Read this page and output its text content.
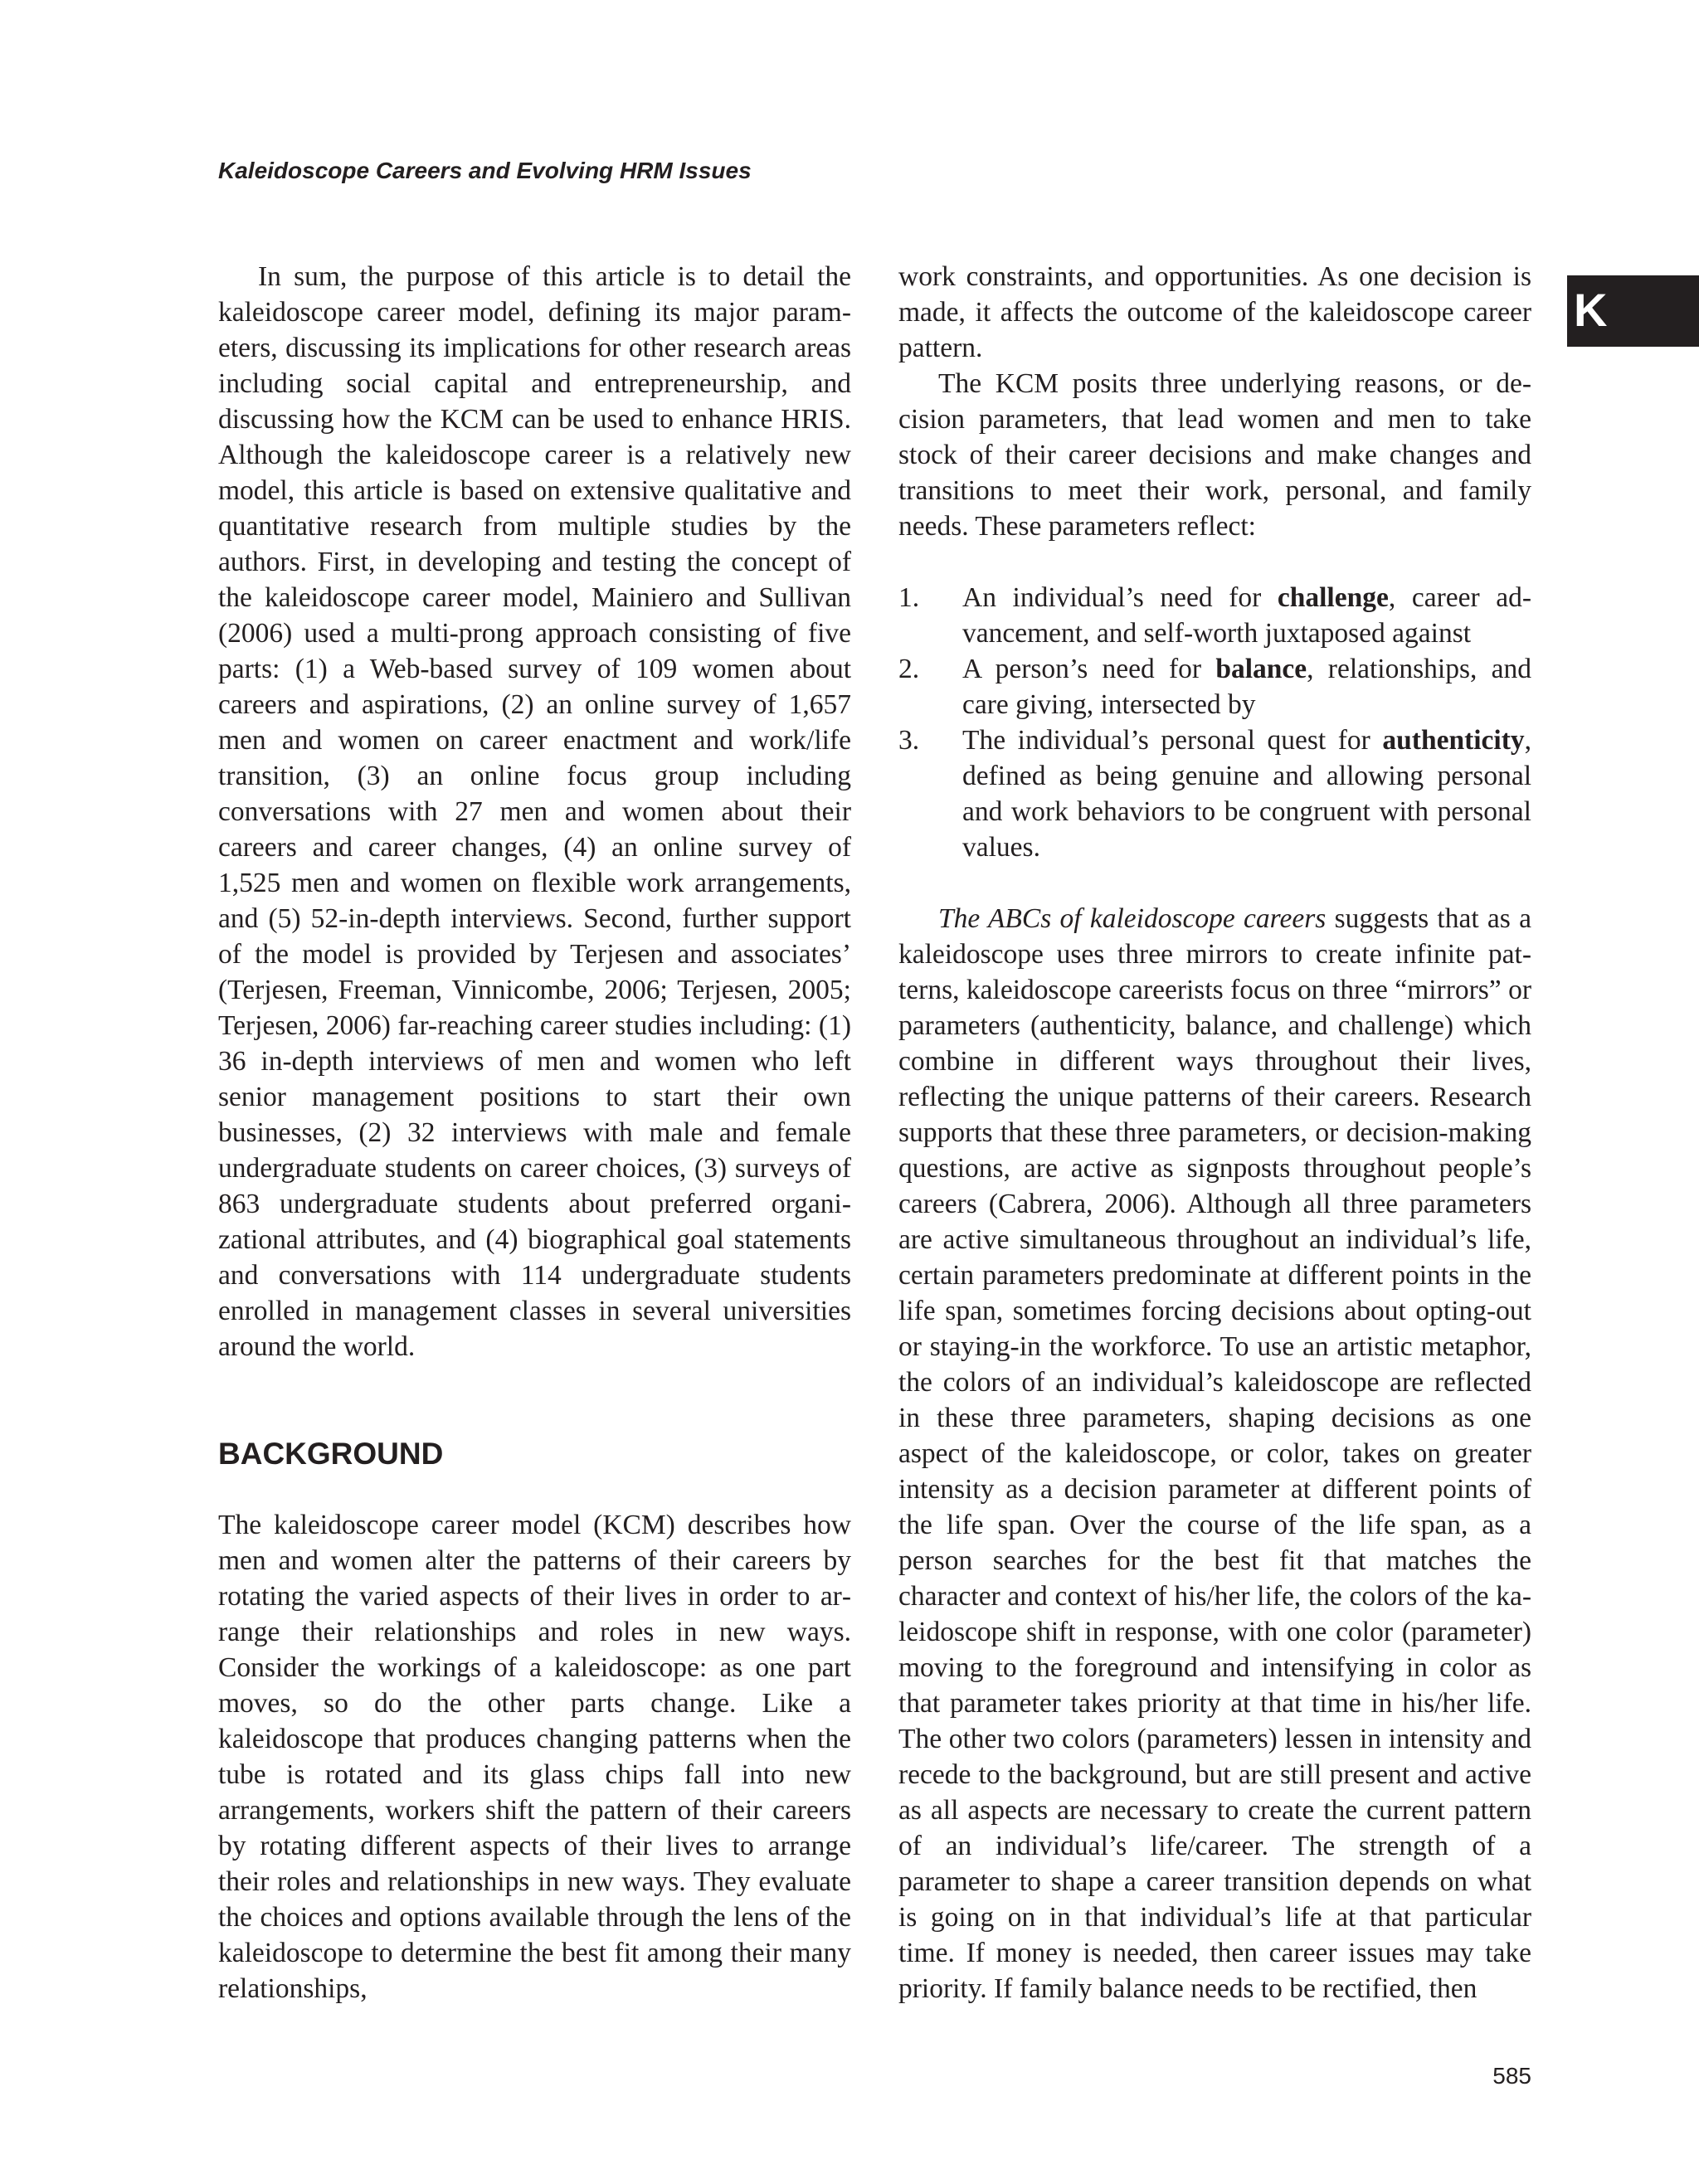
Kaleidoscope Careers and Evolving HRM Issues
K

In sum, the purpose of this article is to detail the kaleidoscope career model, defining its major parameters, discussing its implications for other research areas including social capital and entrepreneurship, and discussing how the KCM can be used to enhance HRIS. Although the kaleidoscope career is a relatively new model, this article is based on extensive qualitative and quantitative research from multiple studies by the authors. First, in developing and testing the concept of the kaleidoscope career model, Mainiero and Sullivan (2006) used a multi-prong approach consisting of five parts: (1) a Web-based survey of 109 women about careers and aspirations, (2) an online survey of 1,657 men and women on career enactment and work/life transition, (3) an online focus group including conversations with 27 men and women about their careers and career changes, (4) an online survey of 1,525 men and women on flexible work arrangements, and (5) 52-in-depth interviews. Second, further support of the model is provided by Terjesen and associates’ (Terjesen, Freeman, Vinnicombe, 2006; Terjesen, 2005; Terjesen, 2006) far-reaching career studies including: (1) 36 in-depth interviews of men and women who left senior management positions to start their own businesses, (2) 32 interviews with male and female undergraduate students on career choices, (3) surveys of 863 undergraduate students about preferred organizational attributes, and (4) biographical goal statements and conversations with 114 undergraduate students enrolled in management classes in several universities around the world.

BACKGROUND

The kaleidoscope career model (KCM) describes how men and women alter the patterns of their careers by rotating the varied aspects of their lives in order to arrange their relationships and roles in new ways. Consider the workings of a kaleidoscope: as one part moves, so do the other parts change. Like a kaleidoscope that produces changing patterns when the tube is rotated and its glass chips fall into new arrangements, workers shift the pattern of their careers by rotating different aspects of their lives to arrange their roles and relationships in new ways. They evaluate the choices and options available through the lens of the kaleidoscope to determine the best fit among their many relationships,

work constraints, and opportunities. As one decision is made, it affects the outcome of the kaleidoscope career pattern.

The KCM posits three underlying reasons, or decision parameters, that lead women and men to take stock of their career decisions and make changes and transitions to meet their work, personal, and family needs. These parameters reflect:

1. An individual’s need for challenge, career advancement, and self-worth juxtaposed against
2. A person’s need for balance, relationships, and care giving, intersected by
3. The individual’s personal quest for authenticity, defined as being genuine and allowing personal and work behaviors to be congruent with personal values.

The ABCs of kaleidoscope careers suggests that as a kaleidoscope uses three mirrors to create infinite patterns, kaleidoscope careerists focus on three “mirrors” or parameters (authenticity, balance, and challenge) which combine in different ways throughout their lives, reflecting the unique patterns of their careers. Research supports that these three parameters, or decision-making questions, are active as signposts throughout people’s careers (Cabrera, 2006). Although all three parameters are active simultaneous throughout an individual’s life, certain parameters predominate at different points in the life span, sometimes forcing decisions about opting-out or staying-in the workforce. To use an artistic metaphor, the colors of an individual’s kaleidoscope are reflected in these three parameters, shaping decisions as one aspect of the kaleidoscope, or color, takes on greater intensity as a decision parameter at different points of the life span. Over the course of the life span, as a person searches for the best fit that matches the character and context of his/her life, the colors of the kaleidoscope shift in response, with one color (parameter) moving to the foreground and intensifying in color as that parameter takes priority at that time in his/her life. The other two colors (parameters) lessen in intensity and recede to the background, but are still present and active as all aspects are necessary to create the current pattern of an individual’s life/career. The strength of a parameter to shape a career transition depends on what is going on in that individual’s life at that particular time. If money is needed, then career issues may take priority. If family balance needs to be rectified, then

585
